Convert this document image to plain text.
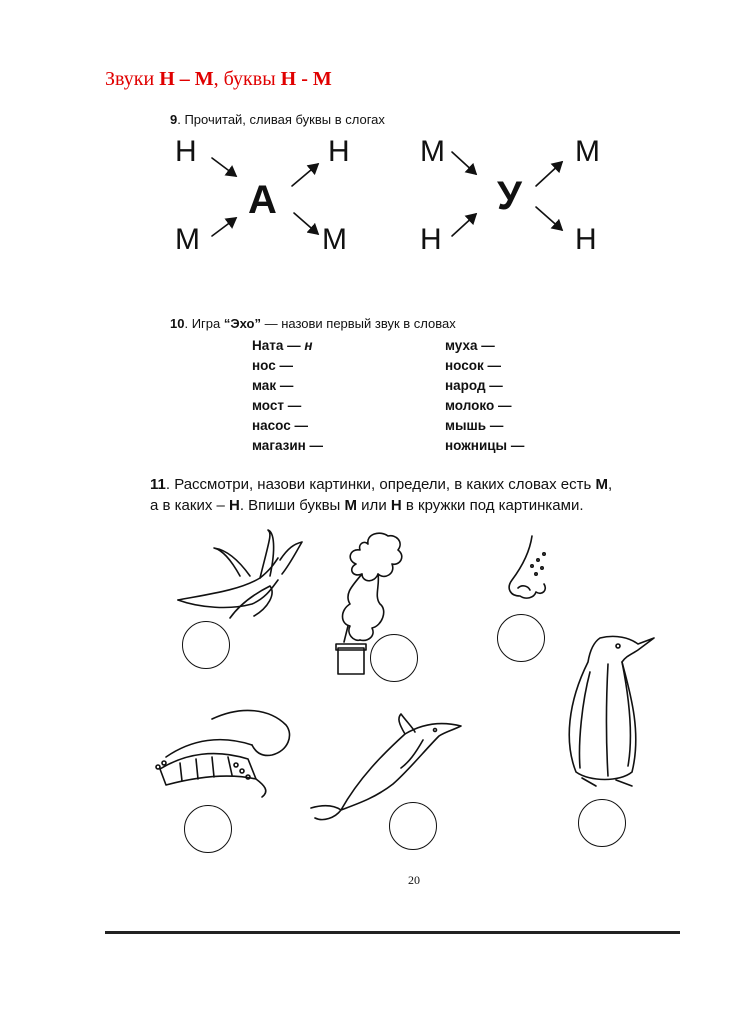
Звуки Н – М, буквы Н - М
9. Прочитай, сливая буквы в слогах
Н	Н
А
М	М
М	М
У
Н	Н
10. Игра “Эхо” — назови первый звук в словах
Ната — н
нос —
мак —
мост —
насос —
магазин —
муха —
носок —
народ —
молоко —
мышь —
ножницы —
11. Рассмотри, назови картинки, определи, в каких словах есть М,
а в каких – Н. Впиши буквы М или Н в кружки под картинками.
20
